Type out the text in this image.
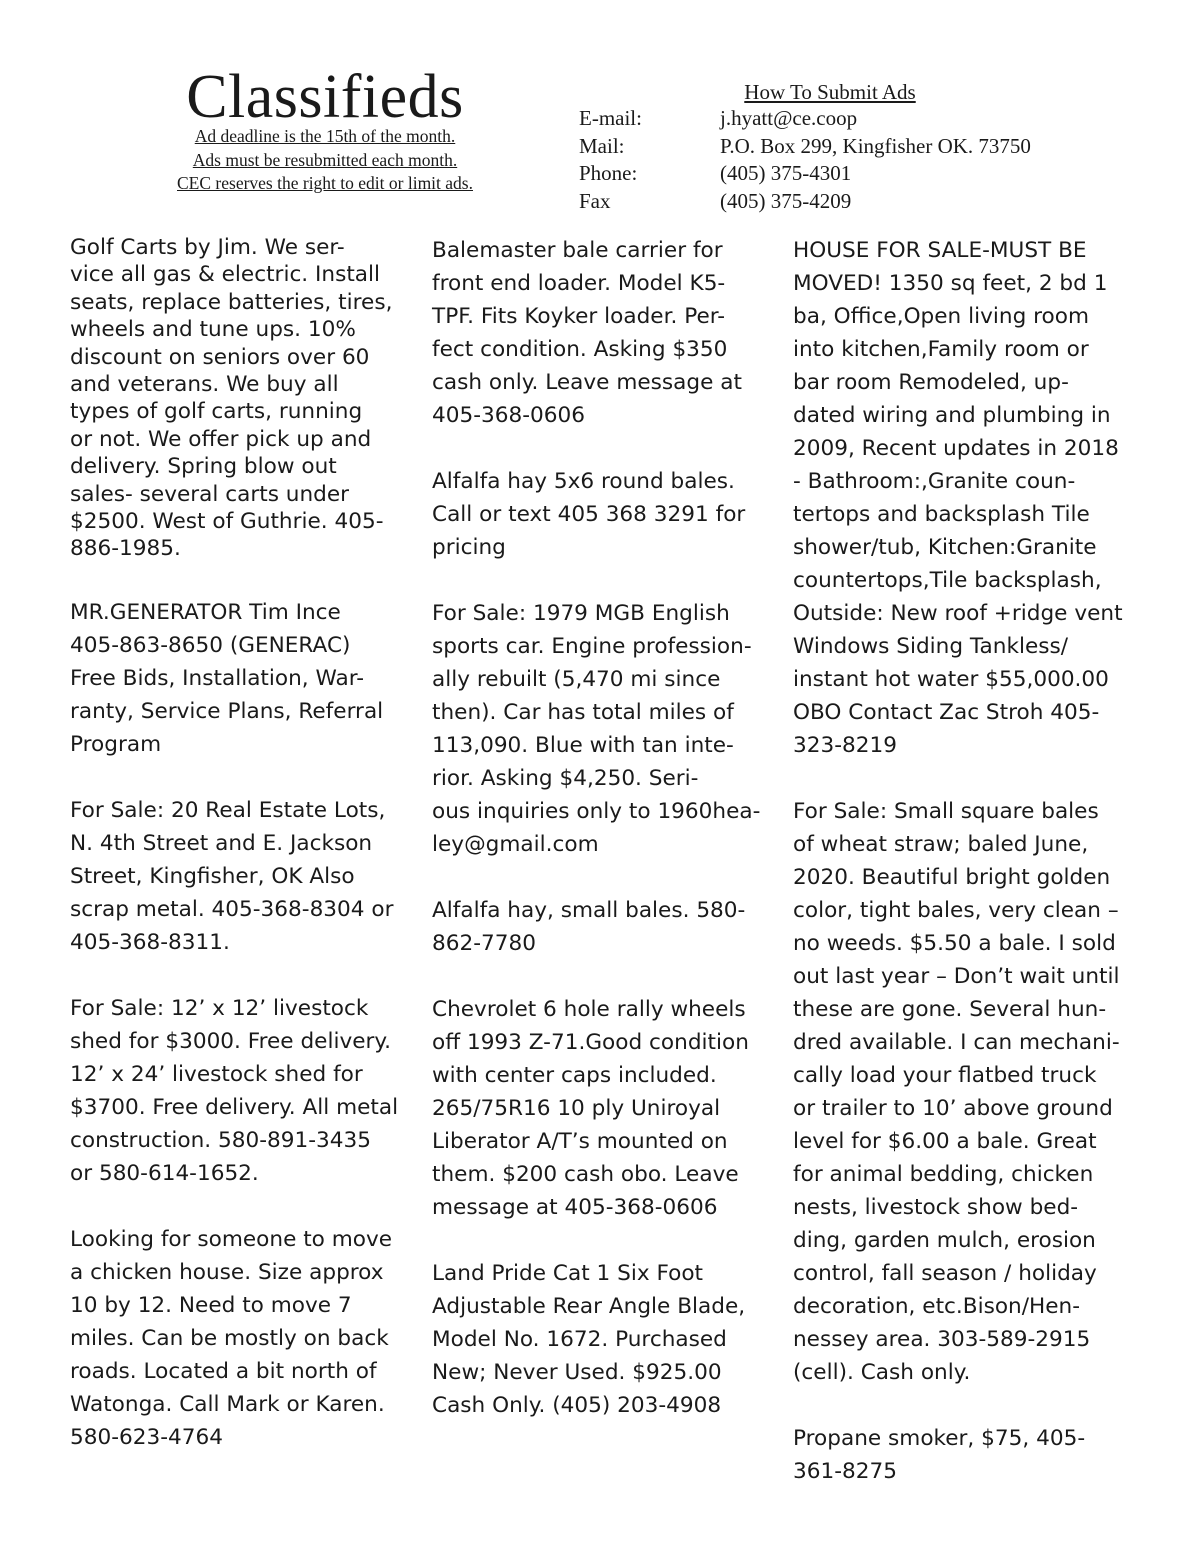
Classifieds
Ad deadline is the 15th of the month.
Ads must be resubmitted each month.
CEC reserves the right to edit or limit ads.
How To Submit Ads
E-mail:	j.hyatt@ce.coop
Mail:	P.O. Box 299, Kingfisher OK. 73750
Phone:	(405) 375-4301
Fax	(405) 375-4209

Golf Carts by Jim. We ser-
vice all gas & electric. Install
seats, replace batteries, tires,
wheels and tune ups. 10%
discount on seniors over 60
and veterans. We buy all
types of golf carts, running
or not. We offer pick up and
delivery. Spring blow out
sales- several carts under
$2500. West of Guthrie. 405-
886-1985.

MR.GENERATOR Tim Ince
405-863-8650 (GENERAC)
Free Bids, Installation, War-
ranty, Service Plans, Referral
Program

For Sale: 20 Real Estate Lots,
N. 4th Street and E. Jackson
Street, Kingfisher, OK Also
scrap metal. 405-368-8304 or
405-368-8311.

For Sale: 12’ x 12’ livestock
shed for $3000. Free delivery.
12’ x 24’ livestock shed for
$3700. Free delivery. All metal
construction. 580-891-3435
or 580-614-1652.

Looking for someone to move
a chicken house. Size approx
10 by 12. Need to move 7
miles. Can be mostly on back
roads. Located a bit north of
Watonga. Call Mark or Karen.
580-623-4764

Balemaster bale carrier for
front end loader. Model K5-
TPF. Fits Koyker loader. Per-
fect condition. Asking $350
cash only. Leave message at
405-368-0606

Alfalfa hay 5x6 round bales.
Call or text 405 368 3291 for
pricing

For Sale: 1979 MGB English
sports car. Engine profession-
ally rebuilt (5,470 mi since
then). Car has total miles of
113,090. Blue with tan inte-
rior. Asking $4,250. Seri-
ous inquiries only to 1960hea-
ley@gmail.com

Alfalfa hay, small bales. 580-
862-7780

Chevrolet 6 hole rally wheels
off 1993 Z-71.Good condition
with center caps included.
265/75R16 10 ply Uniroyal
Liberator A/T’s mounted on
them. $200 cash obo. Leave
message at 405-368-0606

Land Pride Cat 1 Six Foot
Adjustable Rear Angle Blade,
Model No. 1672. Purchased
New; Never Used. $925.00
Cash Only. (405) 203-4908

HOUSE FOR SALE-MUST BE
MOVED! 1350 sq feet, 2 bd 1
ba, Office,Open living room
into kitchen,Family room or
bar room Remodeled, up-
dated wiring and plumbing in
2009, Recent updates in 2018
- Bathroom:,Granite coun-
tertops and backsplash Tile
shower/tub, Kitchen:Granite
countertops,Tile backsplash,
Outside: New roof +ridge vent
Windows Siding Tankless/
instant hot water $55,000.00
OBO Contact Zac Stroh 405-
323-8219

For Sale: Small square bales
of wheat straw; baled June,
2020. Beautiful bright golden
color, tight bales, very clean –
no weeds. $5.50 a bale. I sold
out last year – Don’t wait until
these are gone. Several hun-
dred available. I can mechani-
cally load your flatbed truck
or trailer to 10’ above ground
level for $6.00 a bale. Great
for animal bedding, chicken
nests, livestock show bed-
ding, garden mulch, erosion
control, fall season / holiday
decoration, etc.Bison/Hen-
nessey area. 303-589-2915
(cell). Cash only.

Propane smoker, $75, 405-
361-8275
